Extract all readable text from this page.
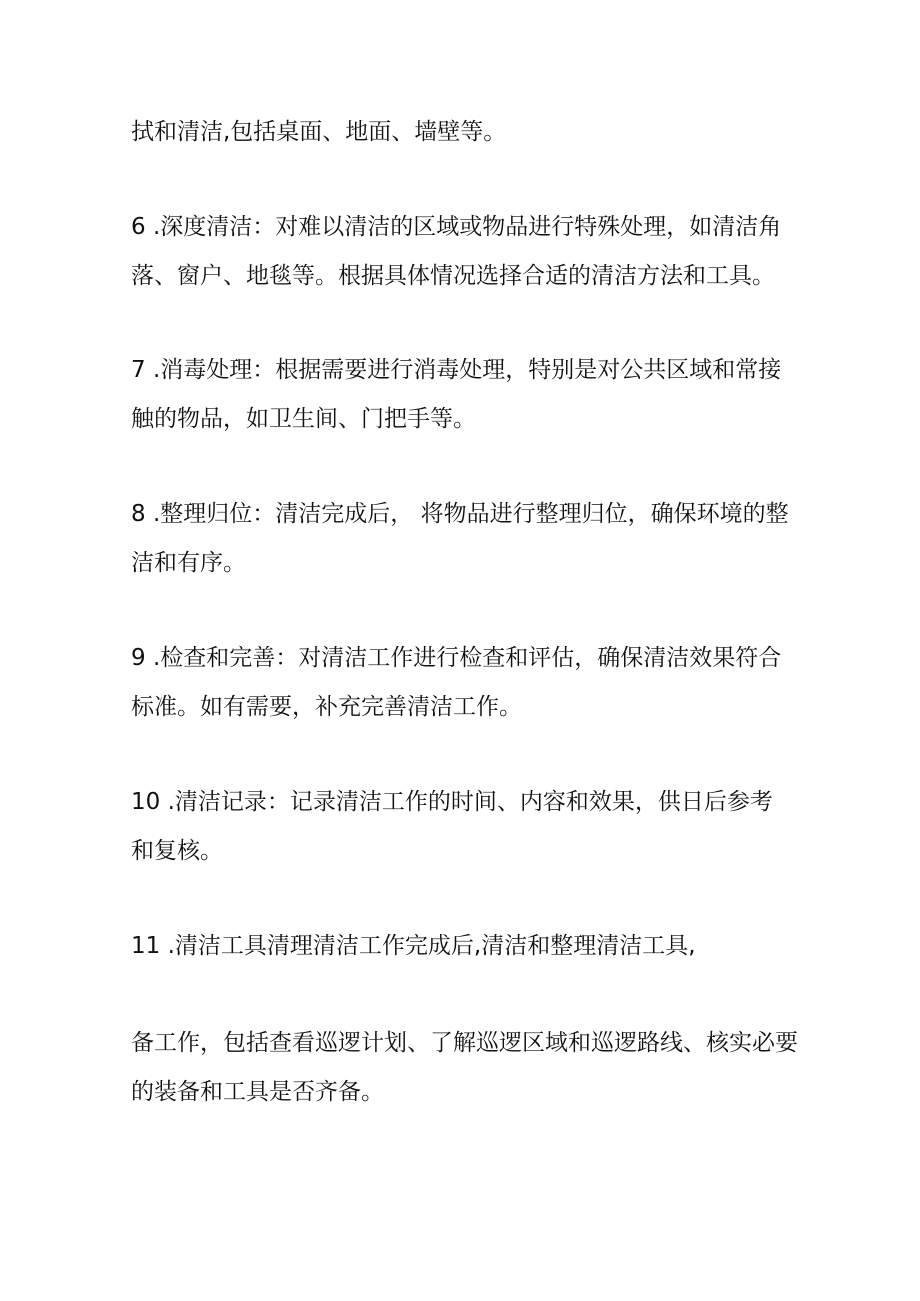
拭和清洁,包括桌面、地面、墙壁等。

6 .深度清洁：对难以清洁的区域或物品进行特殊处理，如清洁角
落、窗户、地毯等。根据具体情况选择合适的清洁方法和工具。

7 .消毒处理：根据需要进行消毒处理，特别是对公共区域和常接
触的物品，如卫生间、门把手等。

8 .整理归位：清洁完成后， 将物品进行整理归位，确保环境的整
洁和有序。

9 .检查和完善：对清洁工作进行检查和评估，确保清洁效果符合
标准。如有需要，补充完善清洁工作。

10 .清洁记录：记录清洁工作的时间、内容和效果，供日后参考
和复核。

11 .清洁工具清理清洁工作完成后,清洁和整理清洁工具,

备工作，包括查看巡逻计划、了解巡逻区域和巡逻路线、核实必要
的装备和工具是否齐备。
